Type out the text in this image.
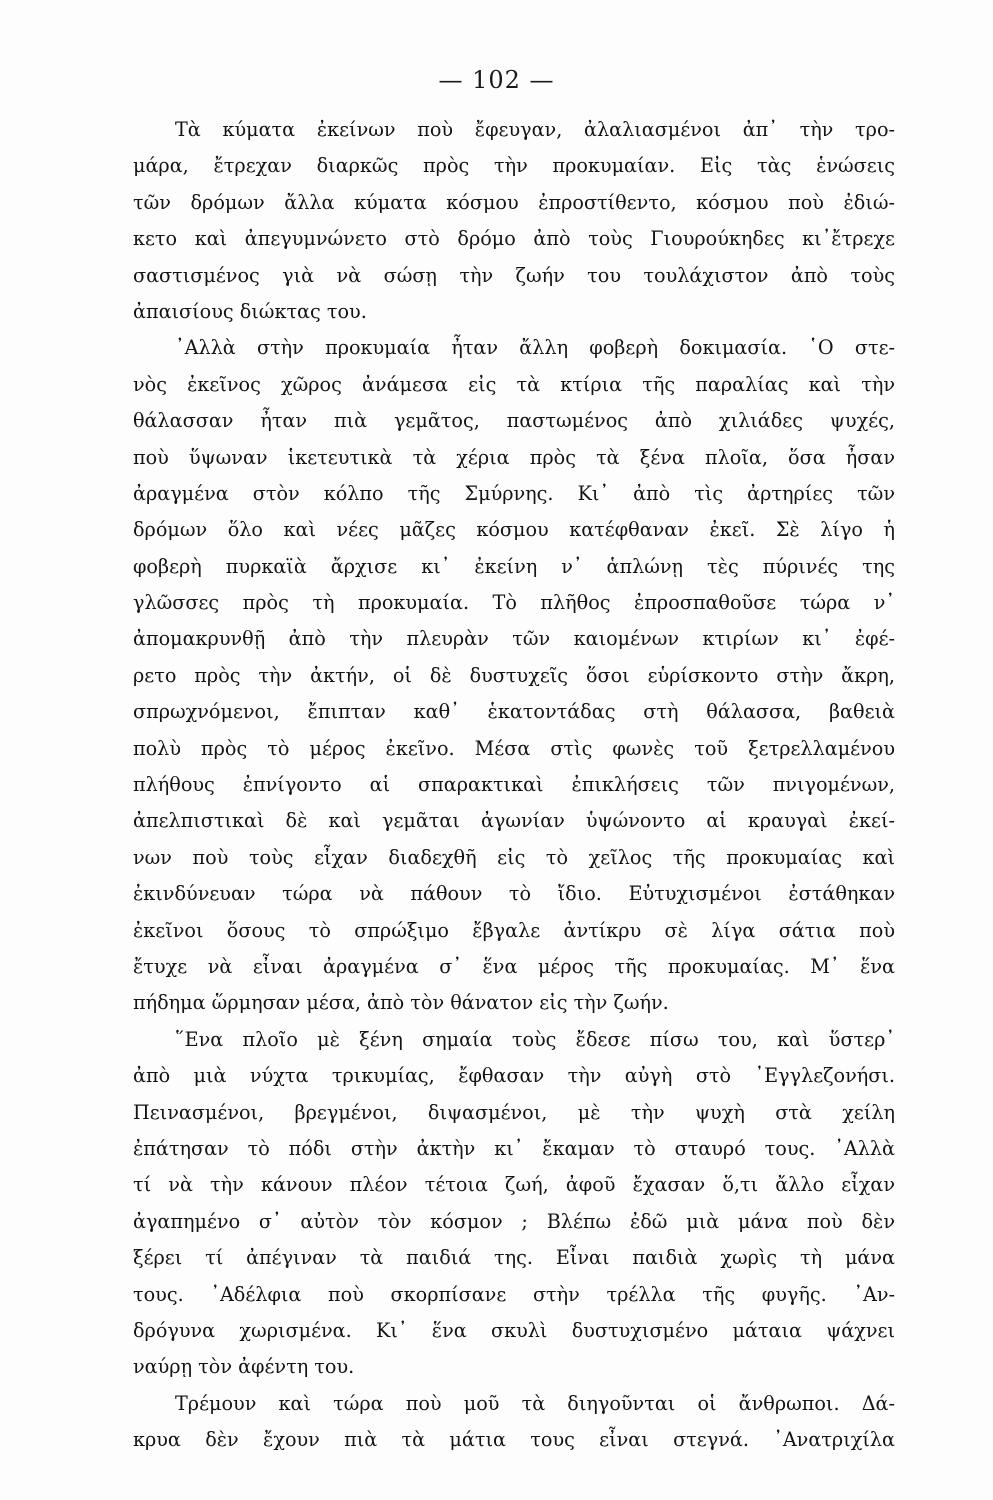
— 102 —
Τὰ κύματα ἐκείνων ποὺ ἔφευγαν, ἀλαλιασμένοι ἀπ᾿ τὴν τρο-
μάρα, ἔτρεχαν διαρκῶς πρὸς τὴν προκυμαίαν. Εἰς τὰς ἑνώσεις
τῶν δρόμων ἄλλα κύματα κόσμου ἐπροστίθεντο, κόσμου ποὺ ἐδιώ-
κετο καὶ ἀπεγυμνώνετο στὸ δρόμο ἀπὸ τοὺς Γιουρούκηδες κι᾿ἔτρεχε
σαστισμένος γιὰ νὰ σώσῃ τὴν ζωήν του τουλάχιστον ἀπὸ τοὺς
ἀπαισίους διώκτας του.
᾿Αλλὰ στὴν προκυμαία ἦταν ἄλλη φοβερὴ δοκιμασία. ῾Ο στε-
νὸς ἐκεῖνος χῶρος ἀνάμεσα εἰς τὰ κτίρια τῆς παραλίας καὶ τὴν
θάλασσαν ἦταν πιὰ γεμᾶτος, παστωμένος ἀπὸ χιλιάδες ψυχές,
ποὺ ὕψωναν ἱκετευτικὰ τὰ χέρια πρὸς τὰ ξένα πλοῖα, ὅσα ἦσαν
ἀραγμένα στὸν κόλπο τῆς Σμύρνης. Κι᾿ ἀπὸ τὶς ἀρτηρίες τῶν
δρόμων ὅλο καὶ νέες μᾶζες κόσμου κατέφθαναν ἐκεῖ. Σὲ λίγο ἡ
φοβερὴ πυρκαϊὰ ἄρχισε κι᾿ ἐκείνη ν᾿ ἁπλώνῃ τὲς πύρινές της
γλῶσσες πρὸς τὴ προκυμαία. Τὸ πλῆθος ἐπροσπαθοῦσε τώρα ν᾿
ἀπομακρυνθῇ ἀπὸ τὴν πλευρὰν τῶν καιομένων κτιρίων κι᾿ ἐφέ-
ρετο πρὸς τὴν ἀκτήν, οἱ δὲ δυστυχεῖς ὅσοι εὑρίσκοντο στὴν ἄκρη,
σπρωχνόμενοι, ἔπιπταν καθ᾿ ἑκατοντάδας στὴ θάλασσα, βαθειὰ
πολὺ πρὸς τὸ μέρος ἐκεῖνο. Μέσα στὶς φωνὲς τοῦ ξετρελλαμένου
πλήθους ἐπνίγοντο αἱ σπαρακτικαὶ ἐπικλήσεις τῶν πνιγομένων,
ἀπελπιστικαὶ δὲ καὶ γεμᾶται ἀγωνίαν ὑψώνοντο αἱ κραυγαὶ ἐκεί-
νων ποὺ τοὺς εἶχαν διαδεχθῆ εἰς τὸ χεῖλος τῆς προκυμαίας καὶ
ἐκινδύνευαν τώρα νὰ πάθουν τὸ ἴδιο. Εὐτυχισμένοι ἐστάθηκαν
ἐκεῖνοι ὅσους τὸ σπρώξιμο ἔβγαλε ἀντίκρυ σὲ λίγα σάτια ποὺ
ἔτυχε νὰ εἶναι ἀραγμένα σ᾿ ἕνα μέρος τῆς προκυμαίας. Μ᾿ ἕνα
πήδημα ὥρμησαν μέσα, ἀπὸ τὸν θάνατον εἰς τὴν ζωήν.
῞Ενα πλοῖο μὲ ξένη σημαία τοὺς ἔδεσε πίσω του, καὶ ὕστερ᾿
ἀπὸ μιὰ νύχτα τρικυμίας, ἔφθασαν τὴν αὐγὴ στὸ ᾿Εγγλεζονήσι.
Πεινασμένοι, βρεγμένοι, διψασμένοι, μὲ τὴν ψυχὴ στὰ χείλη
ἐπάτησαν τὸ πόδι στὴν ἀκτὴν κι᾿ ἔκαμαν τὸ σταυρό τους. ᾿Αλλὰ
τί νὰ τὴν κάνουν πλέον τέτοια ζωή, ἀφοῦ ἔχασαν ὅ,τι ἄλλο εἶχαν
ἀγαπημένο σ᾿ αὐτὸν τὸν κόσμον ; Βλέπω ἐδῶ μιὰ μάνα ποὺ δὲν
ξέρει τί ἀπέγιναν τὰ παιδιά της. Εἶναι παιδιὰ χωρὶς τὴ μάνα
τους. ᾿Αδέλφια ποὺ σκορπίσανε στὴν τρέλλα τῆς φυγῆς. ᾿Αν-
δρόγυνα χωρισμένα. Κι᾿ ἕνα σκυλὶ δυστυχισμένο μάταια ψάχνει
ναύρῃ τὸν ἀφέντη του.
Τρέμουν καὶ τώρα ποὺ μοῦ τὰ διηγοῦνται οἱ ἄνθρωποι. Δά-
κρυα δὲν ἔχουν πιὰ τὰ μάτια τους εἶναι στεγνά. ᾿Ανατριχίλα
